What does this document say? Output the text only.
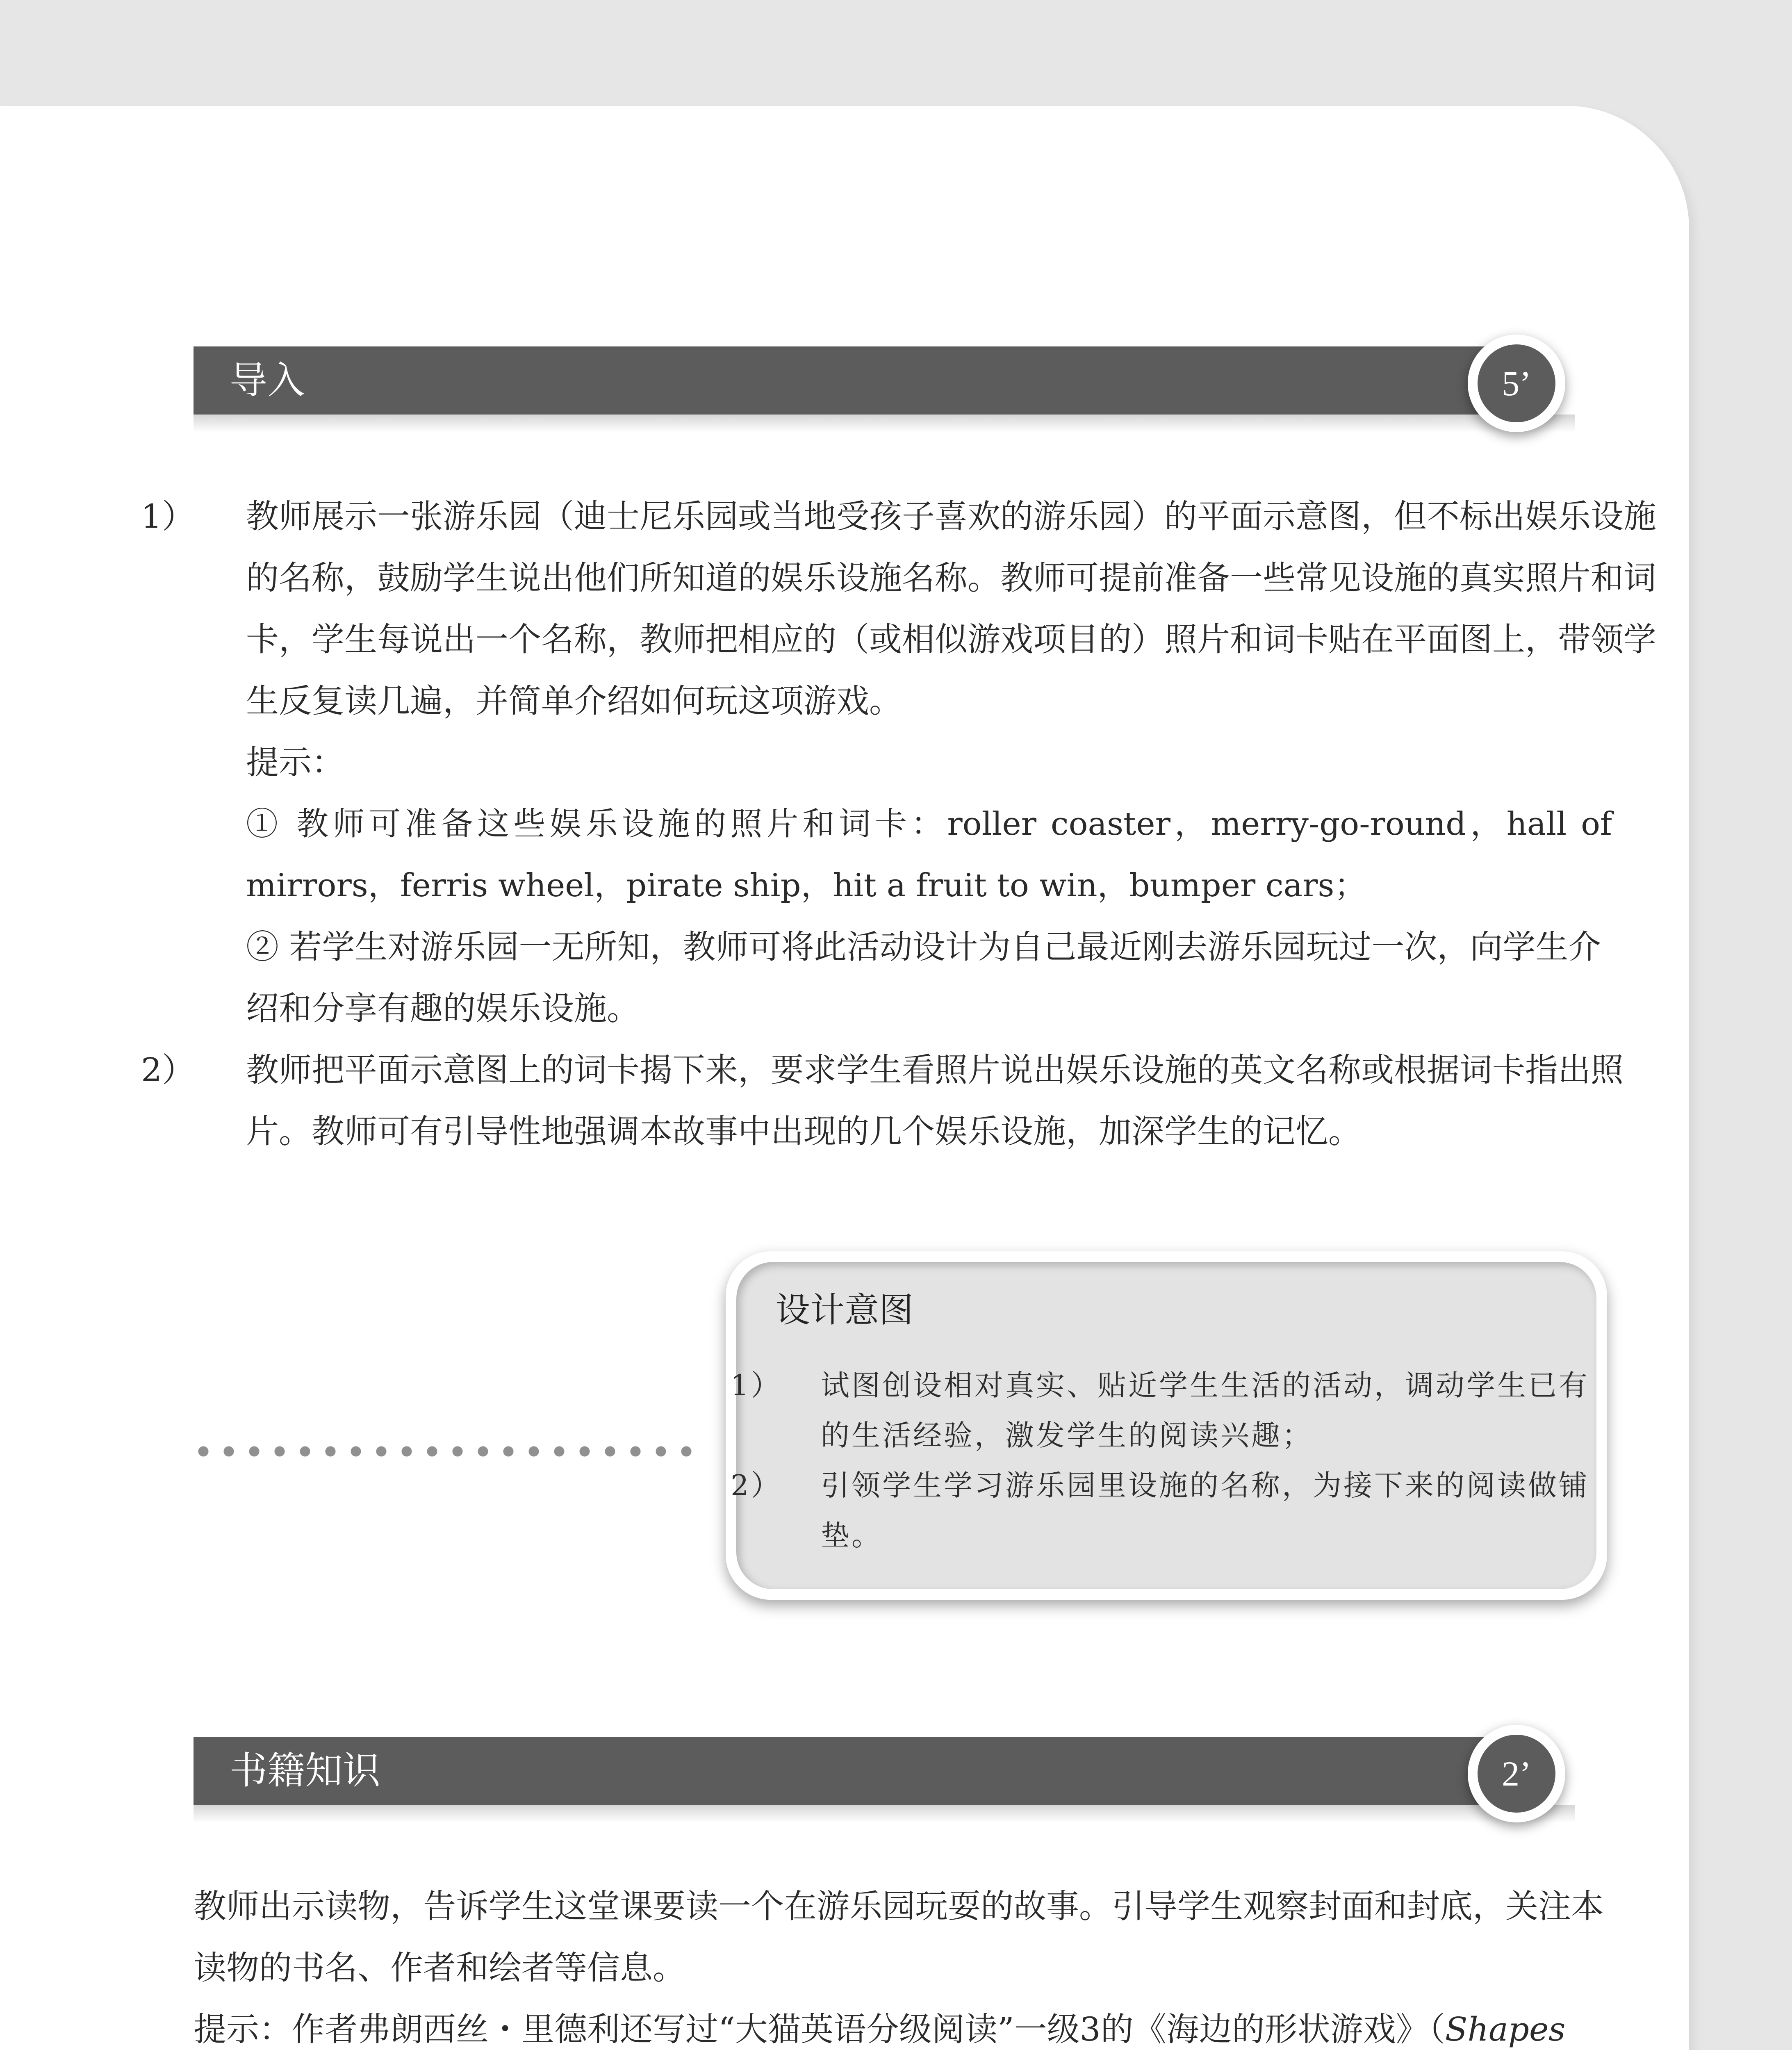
导入	5’

1） 教师展示一张游乐园（迪士尼乐园或当地受孩子喜欢的游乐园）的平面示意图，但不标出娱乐设施的名称，鼓励学生说出他们所知道的娱乐设施名称。教师可提前准备一些常见设施的真实照片和词卡，学生每说出一个名称，教师把相应的（或相似游戏项目的）照片和词卡贴在平面图上，带领学生反复读几遍，并简单介绍如何玩这项游戏。

提示：

① 教师可准备这些娱乐设施的照片和词卡：roller coaster，merry-go-round，hall of mirrors，ferris wheel，pirate ship，hit a fruit to win，bumper cars；

② 若学生对游乐园一无所知，教师可将此活动设计为自己最近刚去游乐园玩过一次，向学生介绍和分享有趣的娱乐设施。

2） 教师把平面示意图上的词卡揭下来，要求学生看照片说出娱乐设施的英文名称或根据词卡指出照片。教师可有引导性地强调本故事中出现的几个娱乐设施，加深学生的记忆。

设计意图

1） 试图创设相对真实、贴近学生生活的活动，调动学生已有的生活经验，激发学生的阅读兴趣；

2） 引领学生学习游乐园里设施的名称，为接下来的阅读做铺垫。

书籍知识	2’

教师出示读物，告诉学生这堂课要读一个在游乐园玩耍的故事。引导学生观察封面和封底，关注本读物的书名、作者和绘者等信息。

提示：作者弗朗西丝・里德利还写过“大猫英语分级阅读”一级3的《海边的形状游戏》（Shapes
